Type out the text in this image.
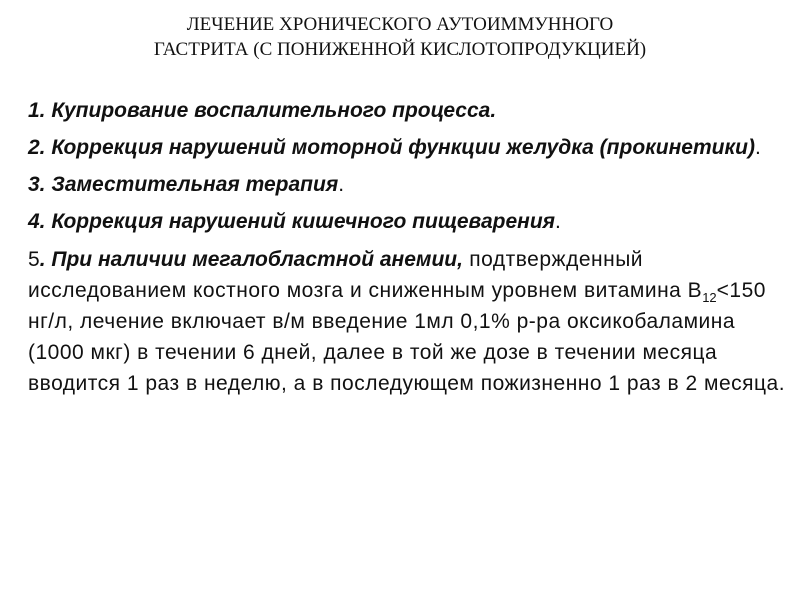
ЛЕЧЕНИЕ ХРОНИЧЕСКОГО АУТОИММУННОГО
ГАСТРИТА (С ПОНИЖЕННОЙ КИСЛОТОПРОДУКЦИЕЙ)
1. Купирование воспалительного процесса.
2. Коррекция нарушений моторной функции желудка (прокинетики).
3. Заместительная терапия.
4. Коррекция нарушений кишечного пищеварения.
5. При наличии мегалобластной анемии, подтвержденный исследованием костного мозга и сниженным уровнем витамина $В_{12}<150$ нг/л, лечение включает в/м введение 1мл 0,1% р-ра оксикобаламина (1000 мкг) в течении 6 дней, далее в той же дозе в течении месяца вводится 1 раз в неделю, а в последующем пожизненно 1 раз в 2 месяца.
